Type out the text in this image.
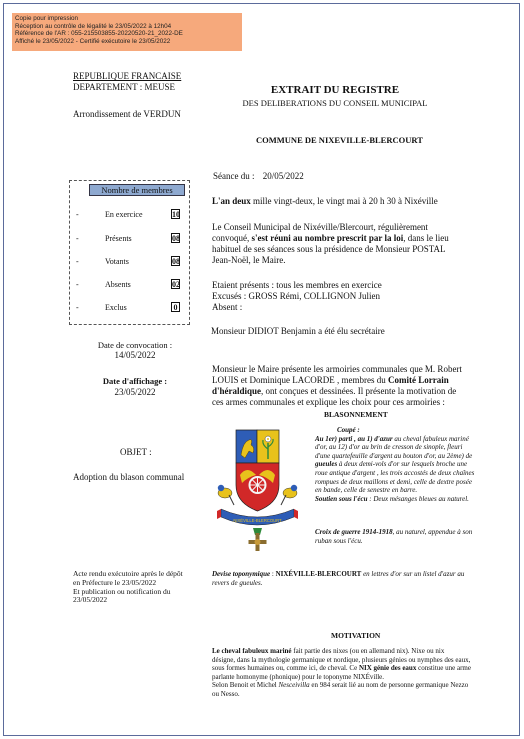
Copie pour impression
Réception au contrôle de légalité le 23/05/2022 à 12h04
Référence de l'AR : 055-215503855-20220520-21_2022-DE
Affiché le 23/05/2022 - Certifié exécutoire le 23/05/2022
REPUBLIQUE FRANCAISE
DEPARTEMENT : MEUSE
Arrondissement de VERDUN
EXTRAIT DU REGISTRE
DES DELIBERATIONS DU CONSEIL MUNICIPAL
COMMUNE DE NIXEVILLE-BLERCOURT
Séance du : 20/05/2022
Nombre de membres
-	En exercice	10
-	Présents	08
-	Votants	08
-	Absents	02
-	Exclus	0
L'an deux mille vingt-deux, le vingt mai à 20 h 30 à Nixéville
Le Conseil Municipal de Nixéville/Blercourt, régulièrement
convoqué, s'est réuni au nombre prescrit par la loi, dans le lieu
habituel de ses séances sous la présidence de Monsieur POSTAL
Jean-Noël, le Maire.
Etaient présents : tous les membres en exercice
Excusés : GROSS Rémi, COLLIGNON Julien
Absent :
Monsieur DIDIOT Benjamin a été élu secrétaire
Date de convocation :
14/05/2022
Date d'affichage :
23/05/2022
Monsieur le Maire présente les armoiries communales que M. Robert
LOUIS et Dominique LACORDE , membres du Comité Lorrain
d'héraldique, ont conçues et dessinées. Il présente la motivation de
ces armes communales et explique les choix pour ces armoiries :
BLASONNEMENT
OBJET :
Adoption du blason communal
NIXÉVILLE-BLERCOURT
Coupé :
Au 1er) parti , au 1) d'azur au cheval fabuleux mariné
d'or, au 12) d'or au brin de cresson de sinople, fleuri
d'une quartefeuille d'argent au bouton d'or, au 2ème) de
gueules à deux demi-vols d'or sur lesquels broche une
roue antique d'argent , les trois accostés de deux chaînes
rompues de deux maillons et demi, celle de dextre posée
en bande, celle de senestre en barre.
Soutien sous l'écu : Deux mésanges bleues au naturel.
Croix de guerre 1914-1918, au naturel, appendue à son
ruban sous l'écu.
Devise toponymique : NIXÉVILLE-BLERCOURT en lettres d'or sur un listel d'azur au
revers de gueules.
Acte rendu exécutoire après le dépôt
en Préfecture le 23/05/2022
Et publication ou notification du
23/05/2022
MOTIVATION
Le cheval fabuleux mariné fait partie des nixes (ou en allemand nix). Nixe ou nix
désigne, dans la mythologie germanique et nordique, plusieurs génies ou nymphes des eaux,
sous formes humaines ou, comme ici, de cheval. Ce NIX génie des eaux constitue une arme
parlante homonyme (phonique) pour le toponyme NIXÉville.
Selon Benoit et Michel Nesceivilla en 984 serait lié au nom de personne germanique Nezzo
ou Nesso.
